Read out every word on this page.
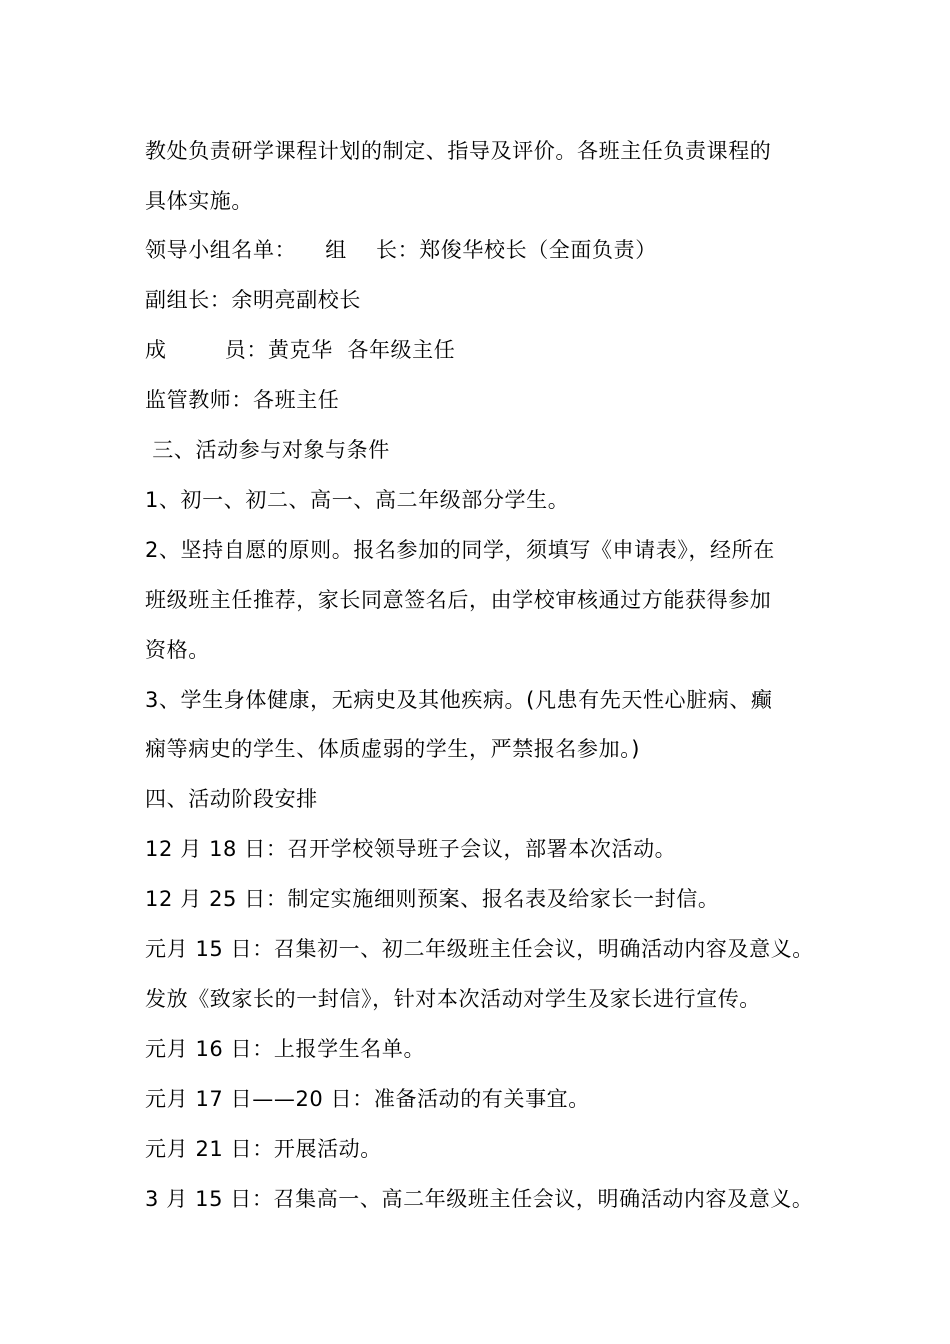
教处负责研学课程计划的制定、指导及评价。各班主任负责课程的
具体实施。
领导小组名单：    组    长：郑俊华校长（全面负责）
副组长：余明亮副校长
成        员：黄克华  各年级主任
监管教师：各班主任
三、活动参与对象与条件
1、初一、初二、高一、高二年级部分学生。
2、坚持自愿的原则。报名参加的同学，须填写《申请表》，经所在
班级班主任推荐，家长同意签名后，由学校审核通过方能获得参加
资格。
3、学生身体健康，无病史及其他疾病。(凡患有先天性心脏病、癫
痫等病史的学生、体质虚弱的学生，严禁报名参加。)
四、活动阶段安排
12 月 18 日：召开学校领导班子会议，部署本次活动。
12 月 25 日：制定实施细则预案、报名表及给家长一封信。
元月 15 日：召集初一、初二年级班主任会议，明确活动内容及意义。
发放《致家长的一封信》，针对本次活动对学生及家长进行宣传。
元月 16 日：上报学生名单。
元月 17 日——20 日：准备活动的有关事宜。
元月 21 日：开展活动。
3 月 15 日：召集高一、高二年级班主任会议，明确活动内容及意义。
